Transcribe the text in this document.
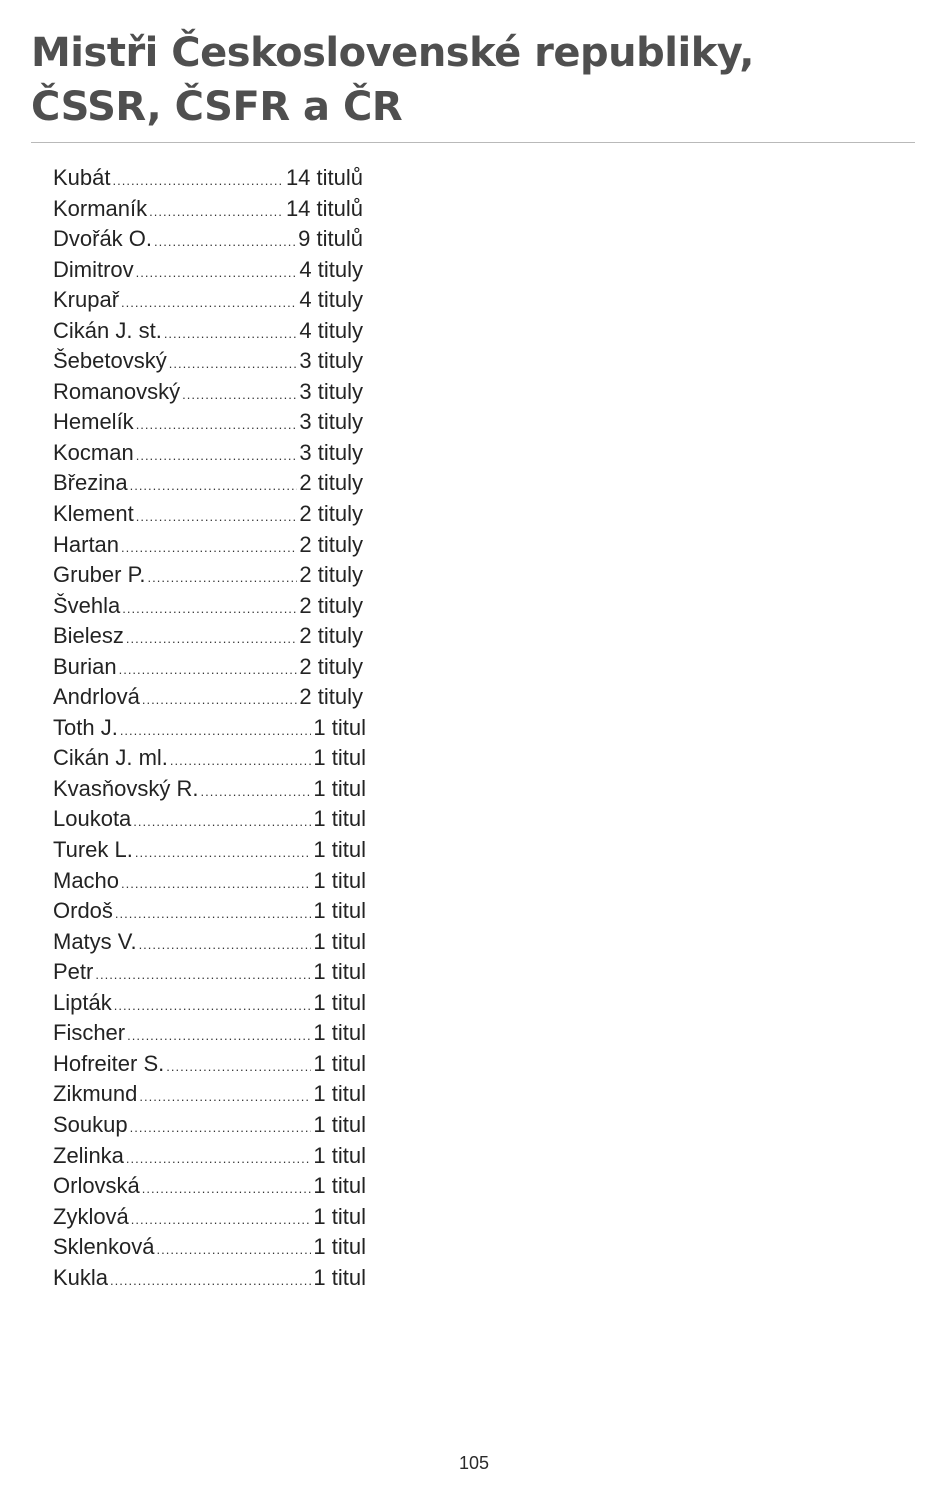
Mistři Československé republiky,
ČSSR, ČSFR a ČR
Kubát .....	14 titulů
Kormaník .....	14 titulů
Dvořák O. .....	9 titulů
Dimitrov .....	4 tituly
Krupař .....	4 tituly
Cikán J. st. .....	4 tituly
Šebetovský .....	3 tituly
Romanovský .....	3 tituly
Hemelík .....	3 tituly
Kocman .....	3 tituly
Březina .....	2 tituly
Klement .....	2 tituly
Hartan .....	2 tituly
Gruber P. .....	2 tituly
Švehla .....	2 tituly
Bielesz .....	2 tituly
Burian .....	2 tituly
Andrlová .....	2 tituly
Toth J. .....	1 titul
Cikán J. ml. .....	1 titul
Kvasňovský R. .....	1 titul
Loukota .....	1 titul
Turek L. .....	1 titul
Macho .....	1 titul
Ordoš .....	1 titul
Matys V. .....	1 titul
Petr .....	1 titul
Lipták .....	1 titul
Fischer .....	1 titul
Hofreiter S. .....	1 titul
Zikmund .....	1 titul
Soukup .....	1 titul
Zelinka .....	1 titul
Orlovská .....	1 titul
Zyklová .....	1 titul
Sklenková .....	1 titul
Kukla .....	1 titul
105
